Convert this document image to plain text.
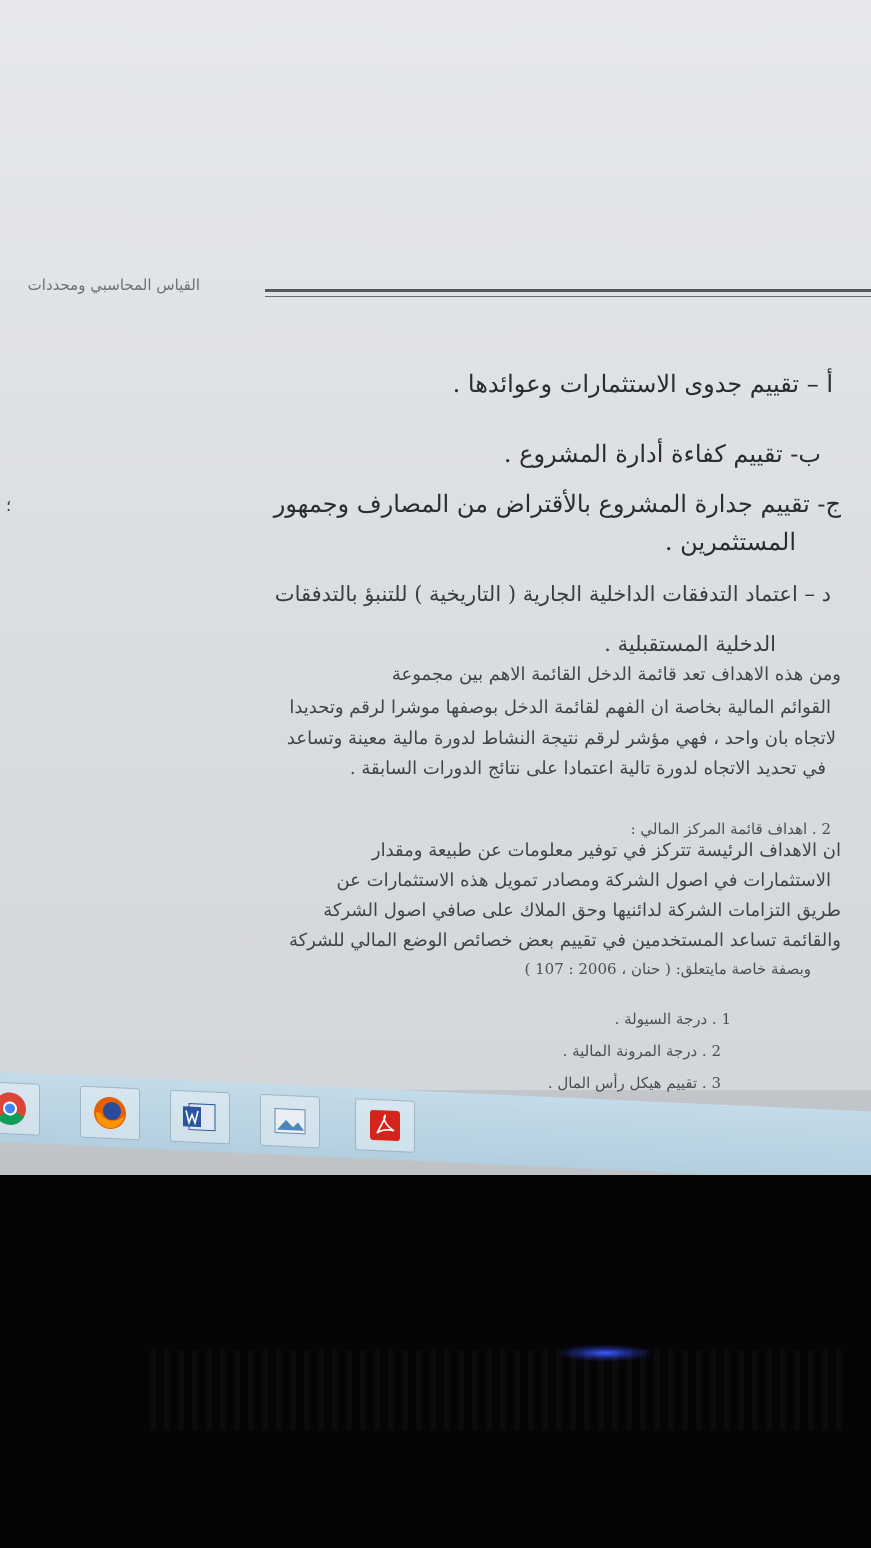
القياس المحاسبي ومحددات
؛
أ – تقييم جدوى الاستثمارات وعوائدها .
ب- تقييم كفاءة أدارة المشروع .
ج- تقييم جدارة المشروع بالأقتراض من المصارف وجمهور
المستثمرين .
د – اعتماد التدفقات الداخلية الجارية ( التاريخية ) للتنبؤ بالتدفقات
الدخلية المستقبلية .
ومن هذه الاهداف تعد قائمة الدخل القائمة الاهم بين مجموعة
القوائم المالية بخاصة ان الفهم لقائمة الدخل بوصفها موشرا لرقم وتحديدا
لاتجاه بان واحد ، فهي مؤشر لرقم نتيجة النشاط لدورة مالية معينة وتساعد
في تحديد الاتجاه لدورة تالية اعتمادا على نتائج الدورات السابقة .
2 . اهداف قائمة المركز المالي :
ان الاهداف الرئيسة تتركز في توفير معلومات عن طبيعة ومقدار
الاستثمارات في اصول الشركة ومصادر تمويل هذه الاستثمارات عن
طريق التزامات الشركة لدائنيها وحق الملاك على صافي اصول الشركة
والقائمة تساعد المستخدمين في تقييم بعض خصائص الوضع المالي للشركة
وبصفة خاصة مايتعلق: ( حنان ، 2006 : 107 )
1 . درجة السيولة .
2 . درجة المرونة المالية .
3 . تقييم هيكل رأس المال .
